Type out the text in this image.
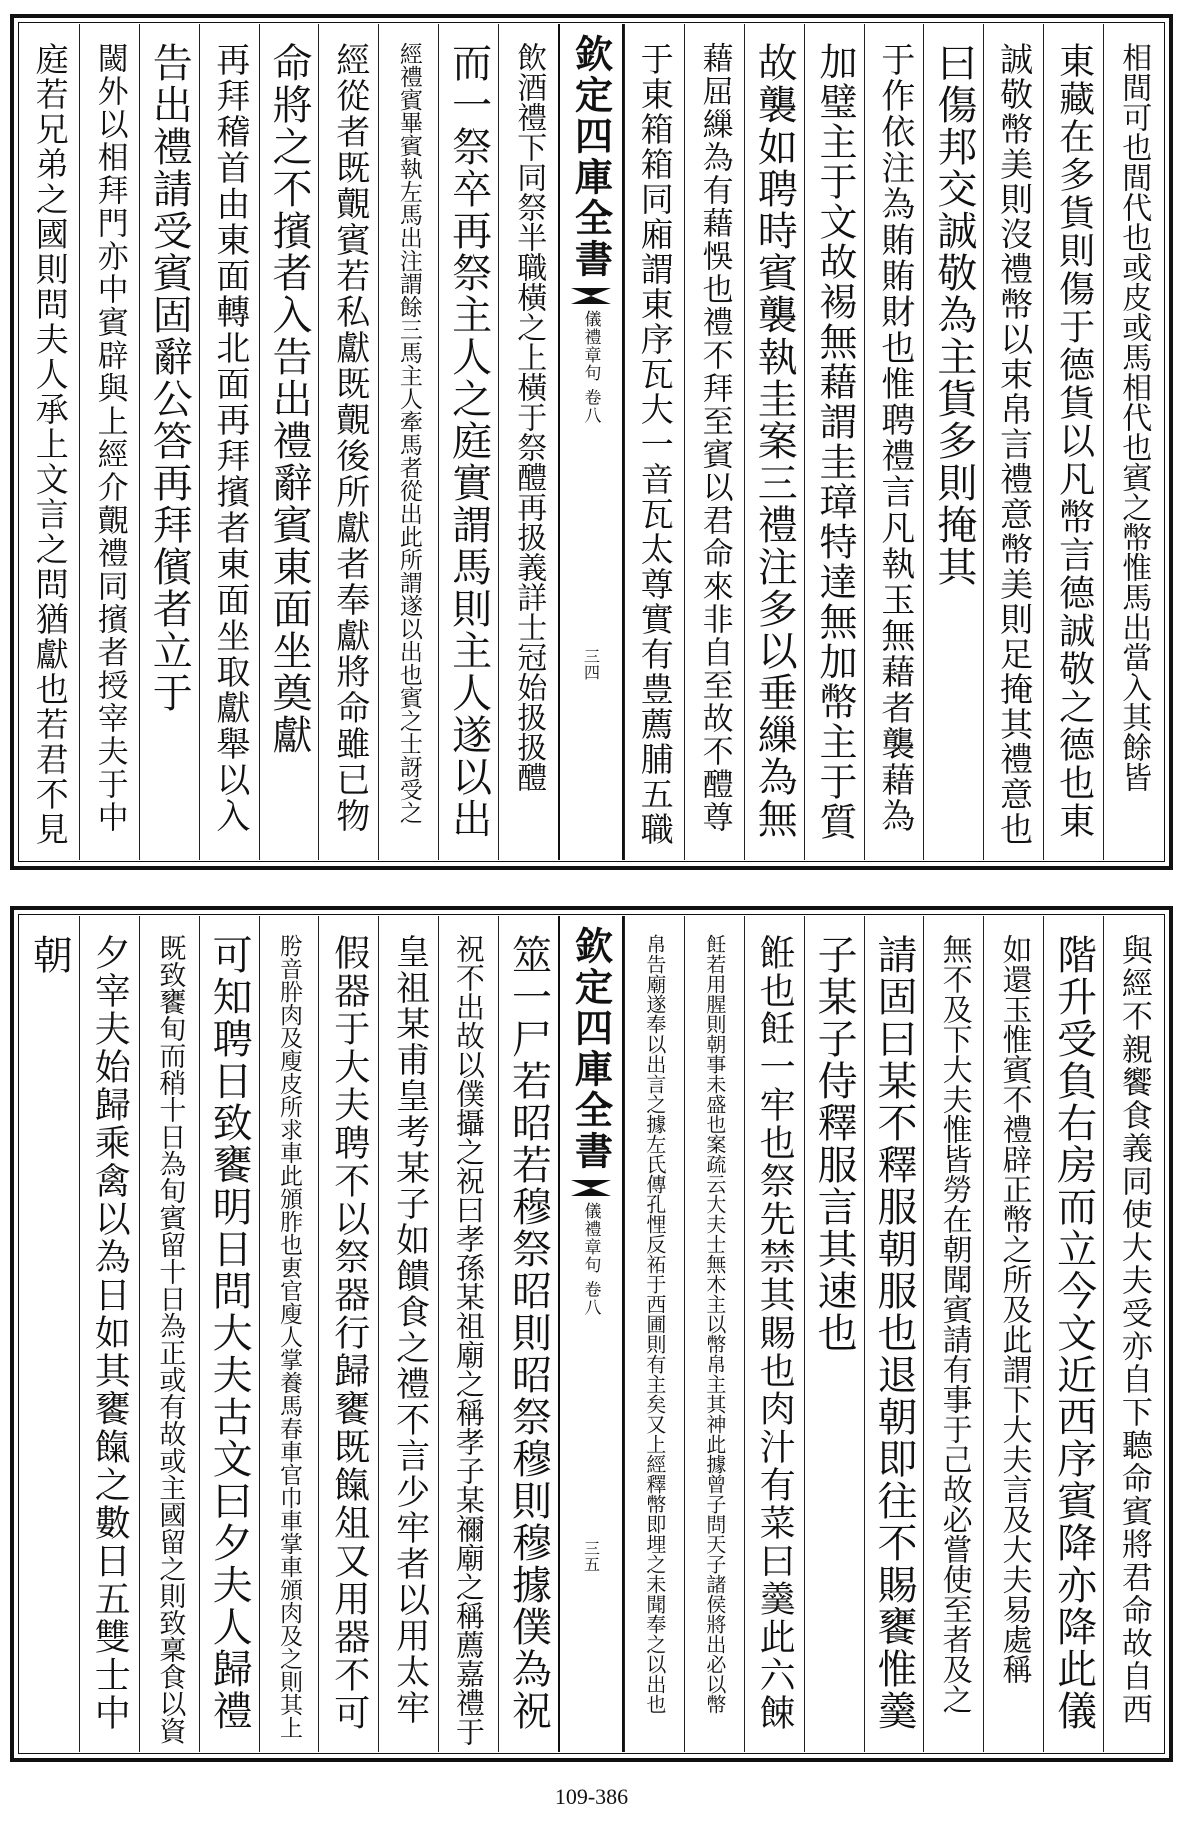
相間可也間代也或皮或馬相代也賓之幣惟馬出當入其餘皆
東藏在多貨則傷于德貨以凡幣言德誠敬之德也東
誠敬幣美則沒禮幣以束帛言禮意幣美則足掩其禮意也
曰傷邦交誠敬為主貨多則掩其
于作依注為賄賄財也惟聘禮言凡執玉無藉者襲藉為
加璧主于文故裼無藉謂圭璋特達無加幣主于質
故襲如聘時賓襲執圭案三禮注多以垂繅為無
藉屈繅為有藉悞也禮不拜至賓以君命來非自至故不醴尊
于東箱箱同廂謂東序瓦大一音瓦太尊實有豊薦脯五職
欽定四庫全書
儀禮章句 卷八
三四
飲酒禮下同祭半職橫之上橫于祭醴再扱義詳士冠始扱扱醴
而一祭卒再祭主人之庭實謂馬則主人遂以出
經禮賓畢賓執左馬出注謂餘三馬主人牽馬者從出此所謂遂以出也賓之士訝受之
經從者既覿賓若私獻既覿後所獻者奉獻將命雖已物
命將之不擯者入告出禮辭賓東面坐奠獻
再拜稽首由東面轉北面再拜擯者東面坐取獻舉以入
告出禮請受賓固辭公答再拜儐者立于
閾外以相拜門亦中賓辟與上經介覿禮同擯者授宰夫于中
庭若兄弟之國則問夫人承上文言之問猶獻也若君不見
與經不親饗食義同使大夫受亦自下聽命賓將君命故自西
階升受負右房而立今文近西序賓降亦降此儀
如還玉惟賓不禮辟正幣之所及此謂下大夫言及大夫易處稱
無不及下大夫惟皆勞在朝聞賓請有事于己故必嘗使至者及之
請固曰某不釋服朝服也退朝即往不賜饔惟羹
子某子侍釋服言其速也
餁也飪一牢也祭先禁其賜也肉汁有菜曰羹此六餗
飪若用腥則朝事未盛也案疏云大夫士無木主以幣帛主其神此據曾子問天子諸侯將出必以幣
帛告廟遂奉以出言之據左氏傳孔悝反祏于西圃則有主矣又上經釋幣即埋之未聞奉之以出也
欽定四庫全書
儀禮章句 卷八
三五
筮一尸若昭若穆祭昭則昭祭穆則穆據僕為祝
祝不出故以僕攝之祝曰孝孫某祖廟之稱孝子某禰廟之稱薦嘉禮于
皇祖某甫皇考某子如饋食之禮不言少牢者以用太牢
假器于大夫聘不以祭器行歸饔既餼俎又用器不可
肹音肸肉及廋皮所求車此頒胙也叀官廋人掌養馬春車官巾車掌車頒肉及之則其上
可知聘日致饔明日問大夫古文曰夕夫人歸禮
既致饔旬而稍十日為旬賓留十日為正或有故或主國留之則致稟食以資
夕宰夫始歸乘禽以為日如其饔餼之數日五雙士中
朝
109-386
